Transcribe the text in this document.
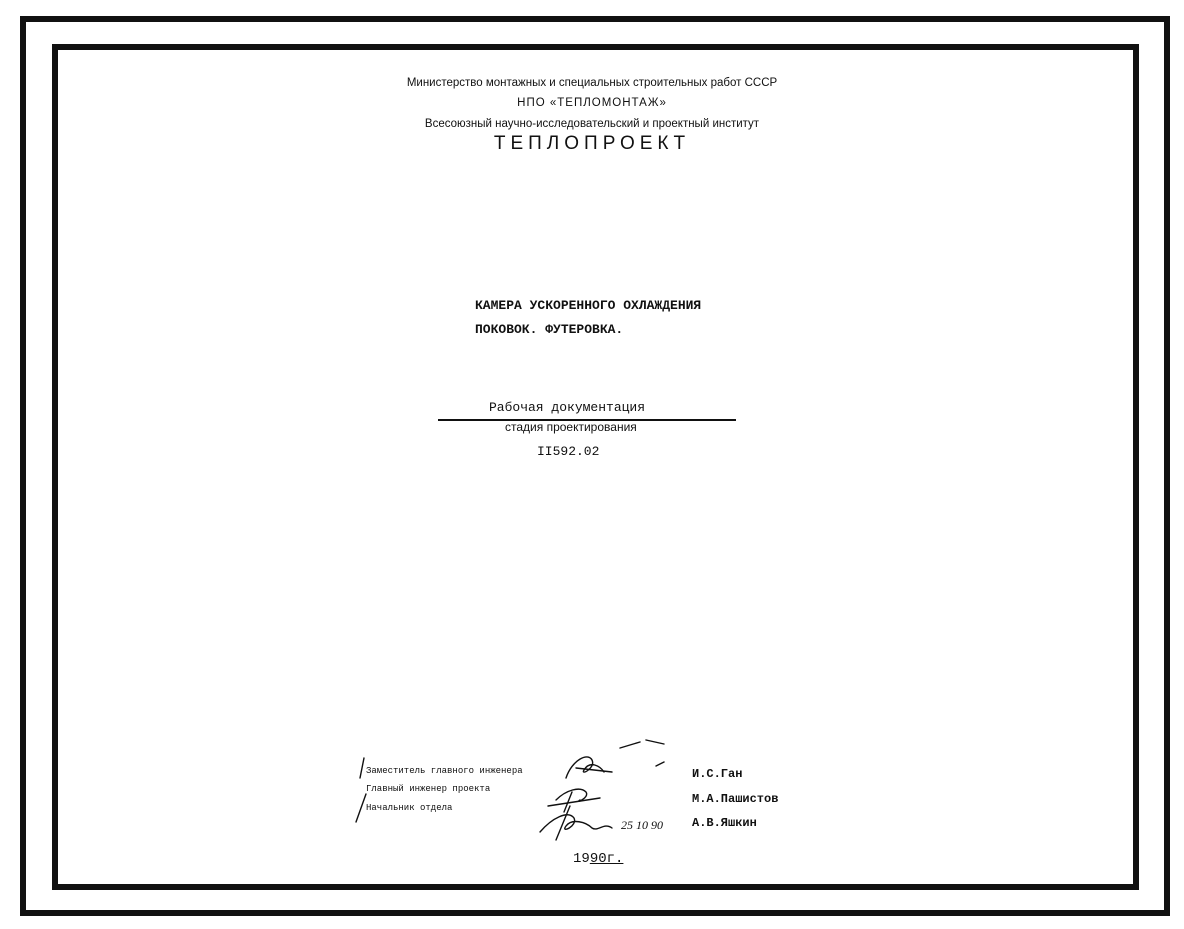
Министерство монтажных и специальных строительных работ СССР
НПО «ТЕПЛОМОНТАЖ»
Всесоюзный научно-исследовательский и проектный институт
ТЕПЛОПРОЕКТ
КАМЕРА УСКОРЕННОГО ОХЛАЖДЕНИЯ
ПОКОВОК. ФУТЕРОВКА.
Рабочая документация
стадия проектирования
II592.02
Заместитель главного инженера
Главный инженер проекта
Начальник отдела
И.С.Ган
М.А.Пашистов
А.В.Яшкин
25 10 90
1990г.
